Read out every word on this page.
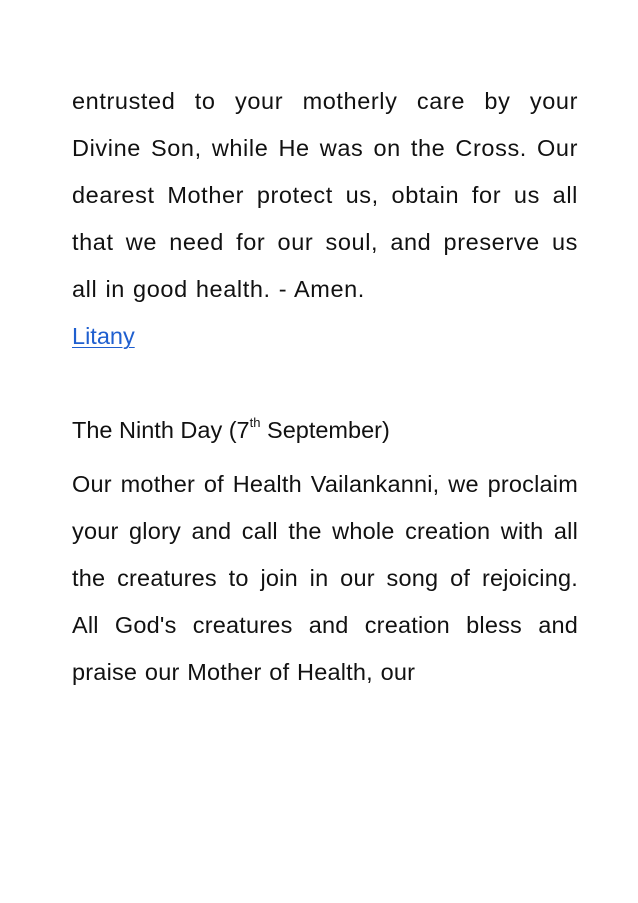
entrusted to your motherly care by your Divine Son, while He was on the Cross. Our dearest Mother protect us, obtain for us all that we need for our soul, and preserve us all in good health. - Amen.

Litany

The Ninth Day (7th September)

Our mother of Health Vailankanni, we proclaim your glory and call the whole creation with all the creatures to join in our song of rejoicing. All God's creatures and creation bless and praise our Mother of Health, our
